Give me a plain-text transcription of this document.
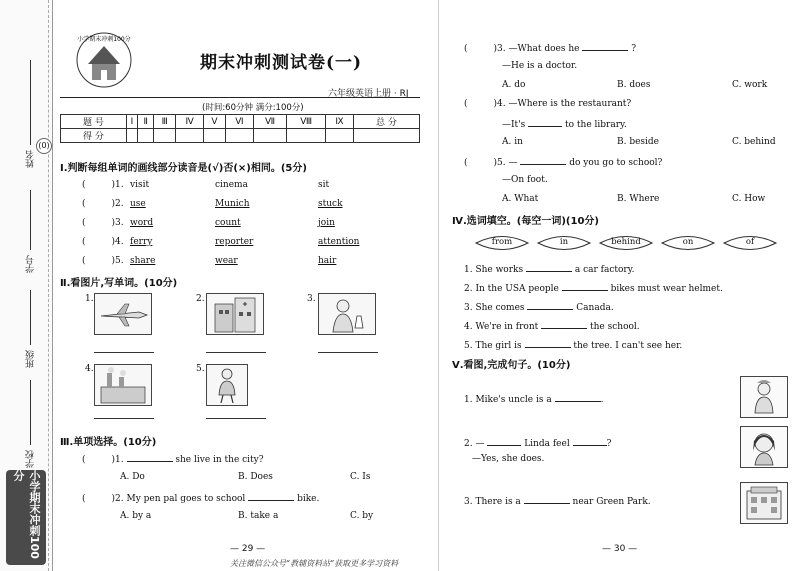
(0)
姓名
学号
班级
学校
小学期末冲刺100分
小学期末冲刺100分
期末冲刺测试卷(一)
六年级英语上册 · RJ
(时间:60分钟 满分:100分)
题 号	Ⅰ	Ⅱ	Ⅲ	Ⅳ	Ⅴ	Ⅵ	Ⅶ	Ⅷ	Ⅸ	总 分
得 分										
Ⅰ.判断每组单词的画线部分读音是(√)否(×)相同。(5分)
(	)1. visit	cinema	sit
(	)2. use	Munich	stuck
(	)3. word	count	join
(	)4. ferry	reporter	attention
(	)5. share	wear	hair
Ⅱ.看图片,写单词。(10分)
1.	2.	3.
4.	5.
Ⅲ.单项选择。(10分)
(	)1.	she live in the city?
A. Do	B. Does	C. Is
(	)2. My pen pal goes to school	bike.
A. by a	B. take a	C. by
— 29 —
(	)3. —What does he	?
—He is a doctor.
A. do	B. does	C. work
(	)4. —Where is the restaurant?
—It's	to the library.
A. in	B. beside	C. behind
(	)5. —	do you go to school?
—On foot.
A. What	B. Where	C. How
Ⅳ.选词填空。(每空一词)(10分)
from	in	behind	on	of
1. She works	a car factory.
2. In the USA people	bikes must wear helmet.
3. She comes	Canada.
4. We're in front	the school.
5. The girl is	the tree. I can't see her.
Ⅴ.看图,完成句子。(10分)
1. Mike's uncle is a	.
2. —	Linda feel	?
—Yes, she does.
3. There is a	near Green Park.
— 30 —
关注微信公众号“教辅资料站”获取更多学习资料
